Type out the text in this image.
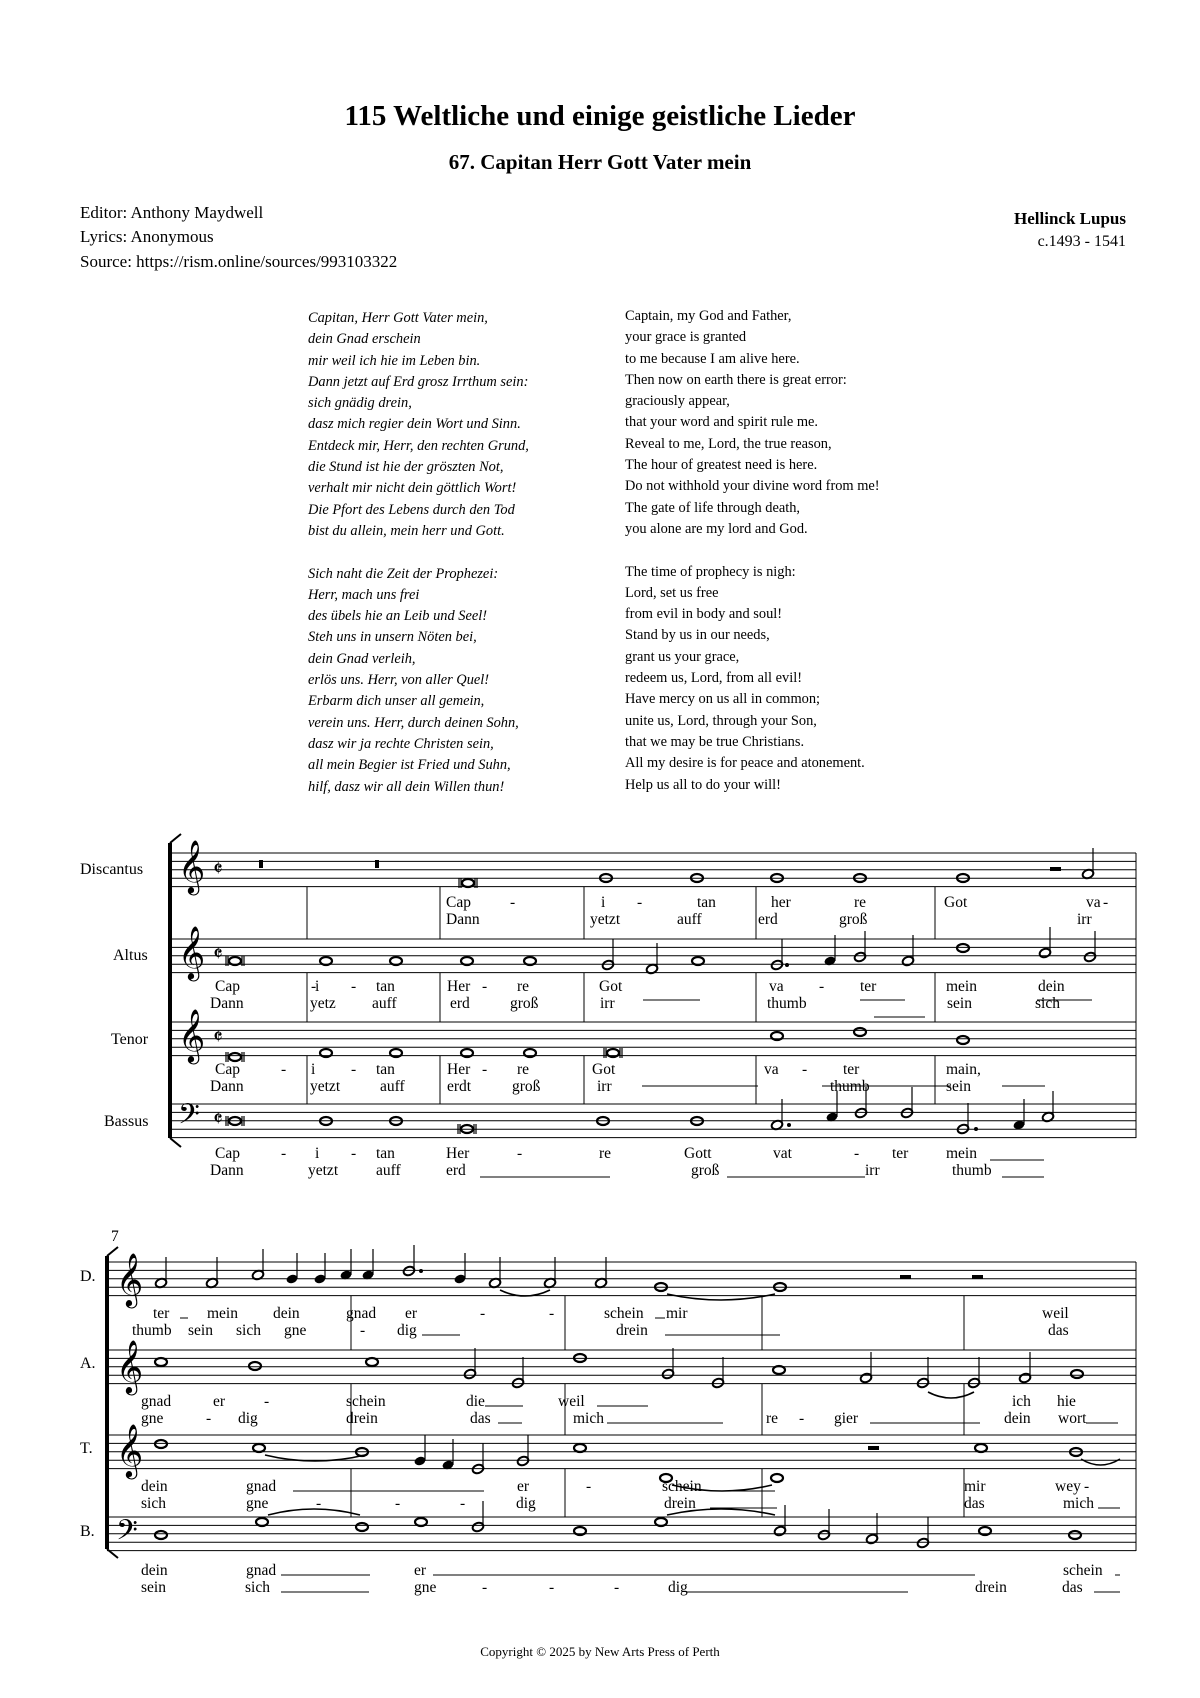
115 Weltliche und einige geistliche Lieder
67. Capitan Herr Gott Vater mein
Editor: Anthony Maydwell
Lyrics: Anonymous
Source: https://rism.online/sources/993103322
Hellinck Lupus
c.1493 - 1541
Capitan, Herr Gott Vater mein,
dein Gnad erschein
mir weil ich hie im Leben bin.
Dann jetzt auf Erd grosz Irrthum sein:
sich gnädig drein,
dasz mich regier dein Wort und Sinn.
Entdeck mir, Herr, den rechten Grund,
die Stund ist hie der gröszten Not,
verhalt mir nicht dein göttlich Wort!
Die Pfort des Lebens durch den Tod
bist du allein, mein herr und Gott.
Sich naht die Zeit der Prophezei:
Herr, mach uns frei
des übels hie an Leib und Seel!
Steh uns in unsern Nöten bei,
dein Gnad verleih,
erlös uns. Herr, von aller Quel!
Erbarm dich unser all gemein,
verein uns. Herr, durch deinen Sohn,
dasz wir ja rechte Christen sein,
all mein Begier ist Fried und Suhn,
hilf, dasz wir all dein Willen thun!
Captain, my God and Father,
your grace is granted
to me because I am alive here.
Then now on earth there is great error:
graciously appear,
that your word and spirit rule me.
Reveal to me, Lord, the true reason,
The hour of greatest need is here.
Do not withhold your divine word from me!
The gate of life through death,
you alone are my lord and God.
The time of prophecy is nigh:
Lord, set us free
from evil in body and soul!
Stand by us in our needs,
grant us your grace,
redeem us, Lord, from all evil!
Have mercy on us all in common;
unite us, Lord, through your Son,
that we may be true Christians.
All my desire is for peace and atonement.
Help us all to do your will!
Discantus
Altus
Tenor
Bassus
𝄞
𝄞
𝄞
𝄢
𝄵
𝄵
𝄵
𝄵
Cap	-	i -	tan	her	re	Got	va -
Dann	yetzt	auff	erd	groß	irr
Cap	-
i - tan	Her - re	Got	va - ter	mein	dein
Dann	yetz auff	erd	groß	irr	thumb	sein	sich
Cap	- i - tan	Her - re	Got	va - ter	main,
Dann	yetzt	auff	erdt	groß	irr	thumb	sein
Cap	- i - tan	Her	-	re	Gott	vat	- ter mein
Dann	yetzt auff	erd	groß	irr	thumb
7
D.
A.
T.
B.
𝄞
𝄞
𝄞
𝄢
ter mein dein	gnad er	-	-	schein mir	weil
thumb sein sich gne	- dig	drein	das
gnad	er	-	schein	die	weil	ich hie
gne	- dig	drein	das	mich	re - gier	dein wort
dein	gnad	er	-	schein	mir	wey -
sich	gne	-	-	-	dig	drein	das	mich
dein	gnad	er	schein
sein	sich	gne	-	-	-	dig	drein	das
Copyright © 2025 by New Arts Press of Perth
